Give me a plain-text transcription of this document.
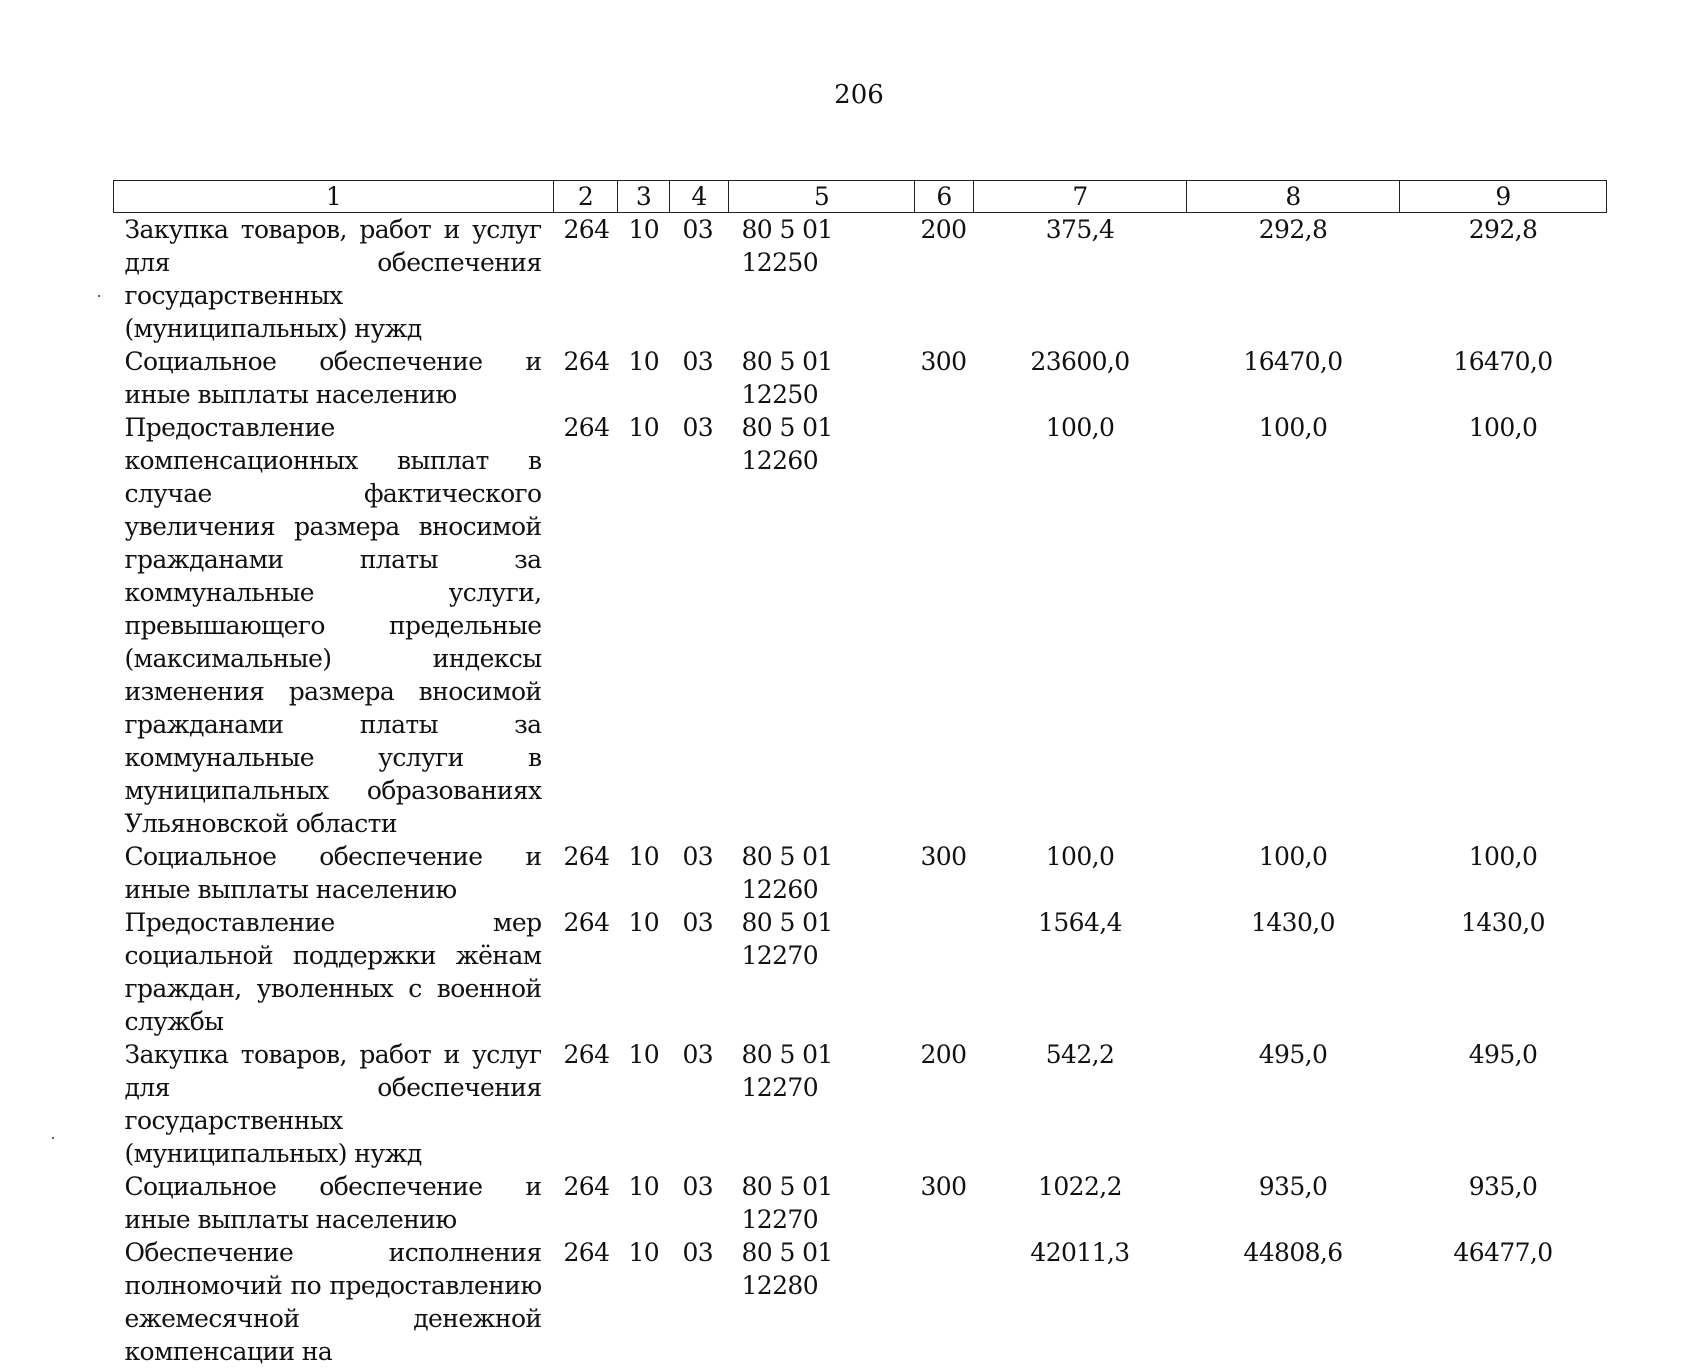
206
1	2	3	4	5	6	7	8	9
Закупка товаров, работ и услуг для обеспечения государственных (муниципальных) нужд	264	10	03	80 5 01 12250	200	375,4	292,8	292,8
Социальное обеспечение и иные выплаты населению	264	10	03	80 5 01 12250	300	23600,0	16470,0	16470,0
Предоставление компенсационных выплат в случае фактического увеличения размера вносимой гражданами платы за коммунальные услуги, превышающего предельные (максимальные) индексы изменения размера вносимой гражданами платы за коммунальные услуги в муниципальных образованиях Ульяновской области	264	10	03	80 5 01 12260		100,0	100,0	100,0
Социальное обеспечение и иные выплаты населению	264	10	03	80 5 01 12260	300	100,0	100,0	100,0
Предоставление мер социальной поддержки жёнам граждан, уволенных с военной службы	264	10	03	80 5 01 12270		1564,4	1430,0	1430,0
Закупка товаров, работ и услуг для обеспечения государственных (муниципальных) нужд	264	10	03	80 5 01 12270	200	542,2	495,0	495,0
Социальное обеспечение и иные выплаты населению	264	10	03	80 5 01 12270	300	1022,2	935,0	935,0
Обеспечение исполнения полномочий по предоставлению ежемесячной денежной компенсации на	264	10	03	80 5 01 12280		42011,3	44808,6	46477,0
